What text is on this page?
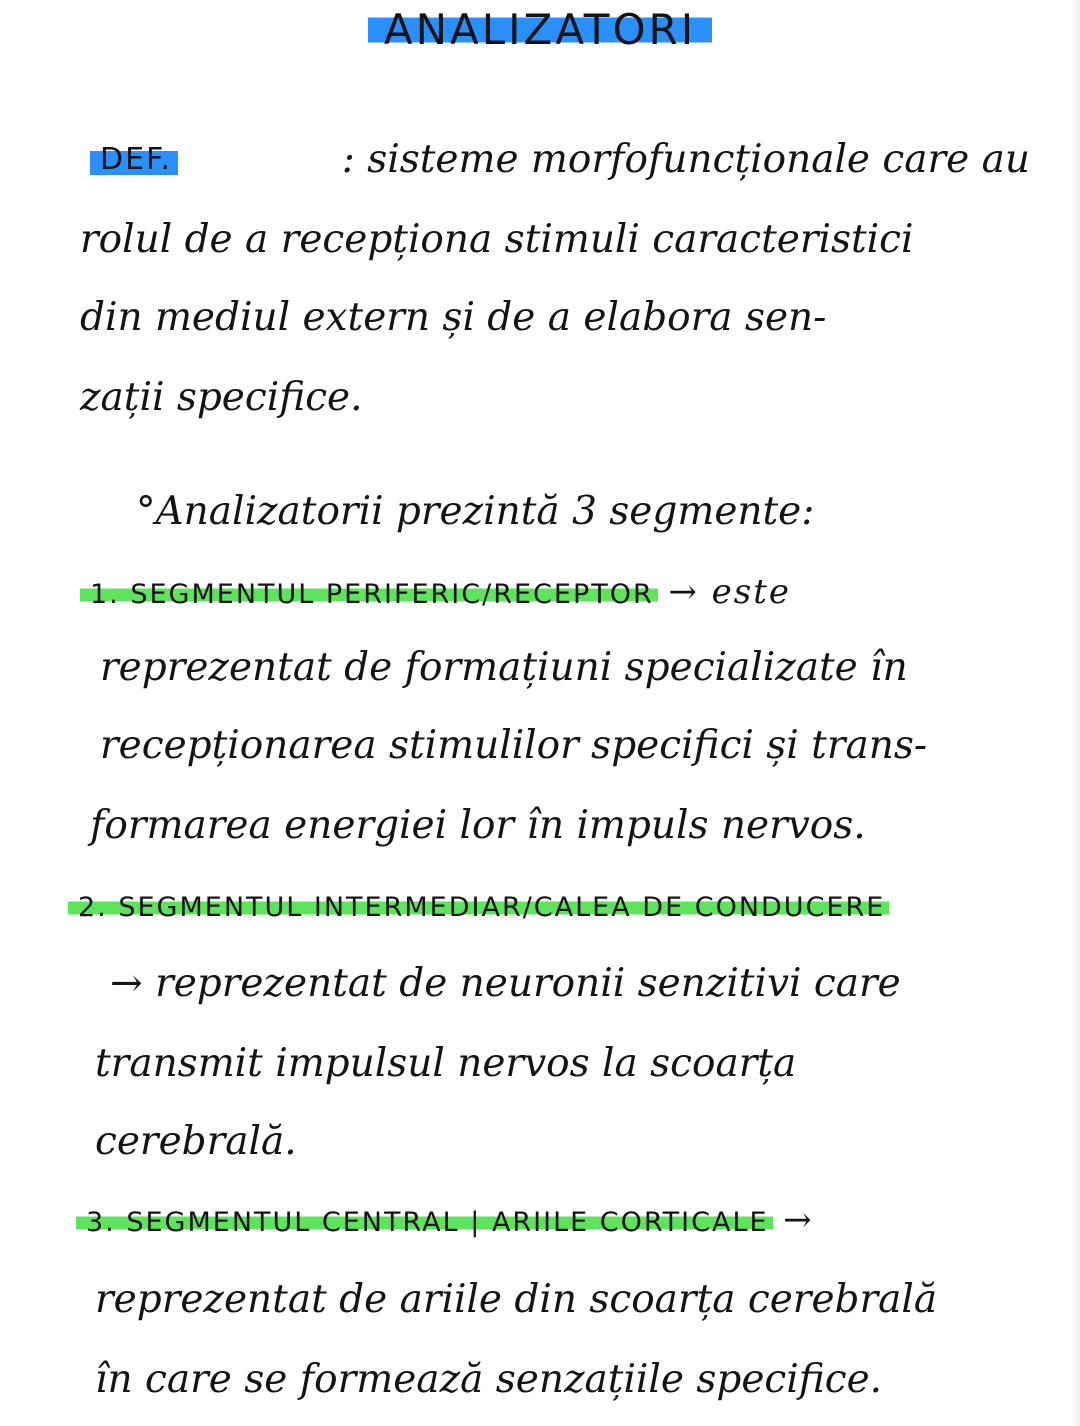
ANALIZATORI
DEF.	: sisteme morfofuncționale care au
rolul de a recepționa stimuli caracteristici
din mediul extern și de a elabora sen-
zații specifice.
°Analizatorii prezintă 3 segmente:
1. SEGMENTUL PERIFERIC/RECEPTOR → este
reprezentat de formațiuni specializate în
recepționarea stimulilor specifici și trans-
formarea energiei lor în impuls nervos.
2. SEGMENTUL INTERMEDIAR/CALEA DE CONDUCERE
→ reprezentat de neuronii senzitivi care
transmit impulsul nervos la scoarța
cerebrală.
3. SEGMENTUL CENTRAL | ARIILE CORTICALE →
reprezentat de ariile din scoarța cerebrală
în care se formează senzațiile specifice.
